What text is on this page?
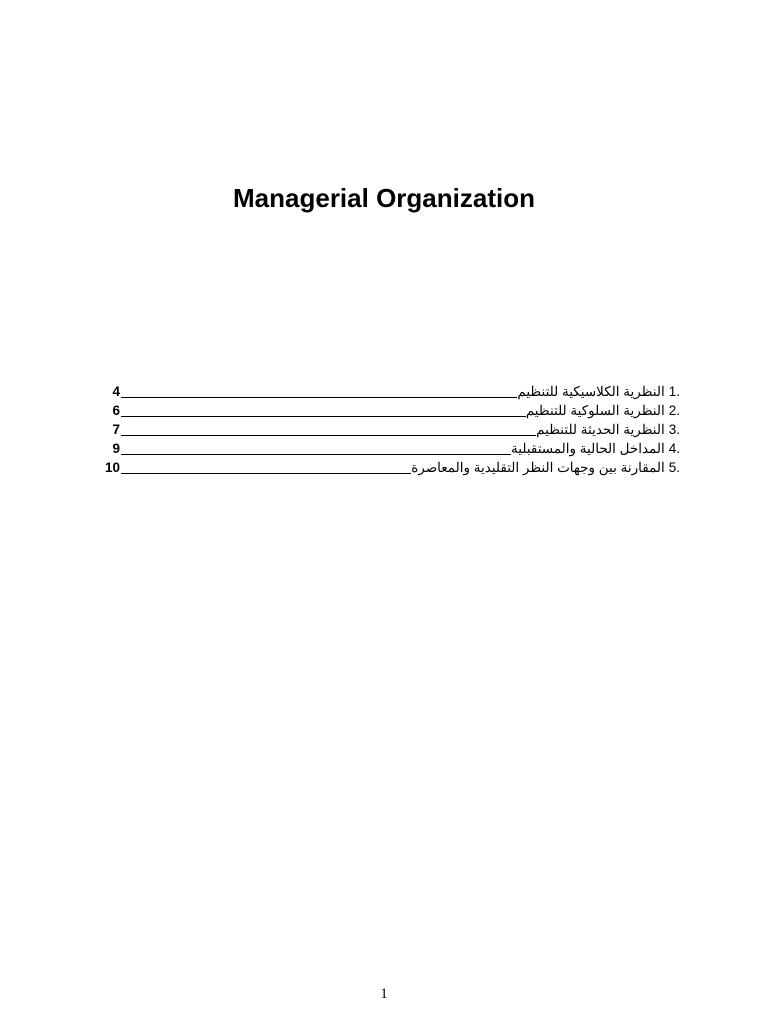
Managerial Organization
4	النظرية الكلاسيكية للتنظيم 1.
6	النظرية السلوكية للتنظيم 2.
7	النظرية الحديثة للتنظيم 3.
9	المداخل الحالية والمستقبلية 4.
10	المقارنة بين وجهات النظر التقليدية والمعاصرة 5.
1
